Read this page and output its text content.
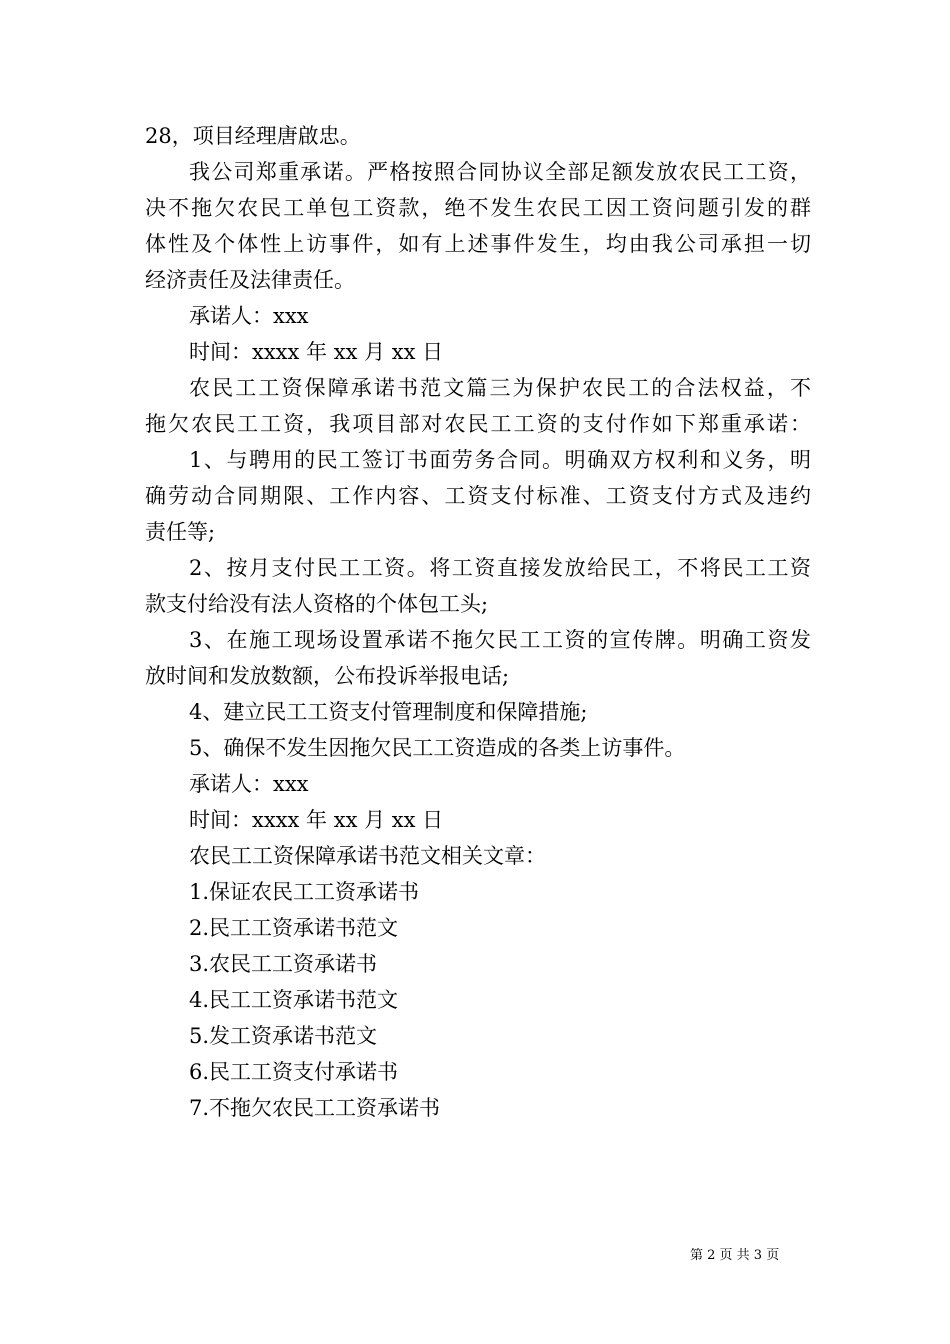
28，项目经理唐啟忠。
我公司郑重承诺。严格按照合同协议全部足额发放农民工工资，
决不拖欠农民工单包工资款，绝不发生农民工因工资问题引发的群
体性及个体性上访事件，如有上述事件发生，均由我公司承担一切
经济责任及法律责任。
承诺人：xxx
时间：xxxx 年 xx 月 xx 日
农民工工资保障承诺书范文篇三为保护农民工的合法权益，不
拖欠农民工工资，我项目部对农民工工资的支付作如下郑重承诺：
1、与聘用的民工签订书面劳务合同。明确双方权利和义务，明
确劳动合同期限、工作内容、工资支付标准、工资支付方式及违约
责任等;
2、按月支付民工工资。将工资直接发放给民工，不将民工工资
款支付给没有法人资格的个体包工头;
3、在施工现场设置承诺不拖欠民工工资的宣传牌。明确工资发
放时间和发放数额，公布投诉举报电话;
4、建立民工工资支付管理制度和保障措施;
5、确保不发生因拖欠民工工资造成的各类上访事件。
承诺人：xxx
时间：xxxx 年 xx 月 xx 日
农民工工资保障承诺书范文相关文章：
1.保证农民工工资承诺书
2.民工工资承诺书范文
3.农民工工资承诺书
4.民工工资承诺书范文
5.发工资承诺书范文
6.民工工资支付承诺书
7.不拖欠农民工工资承诺书
第 2 页 共 3 页
